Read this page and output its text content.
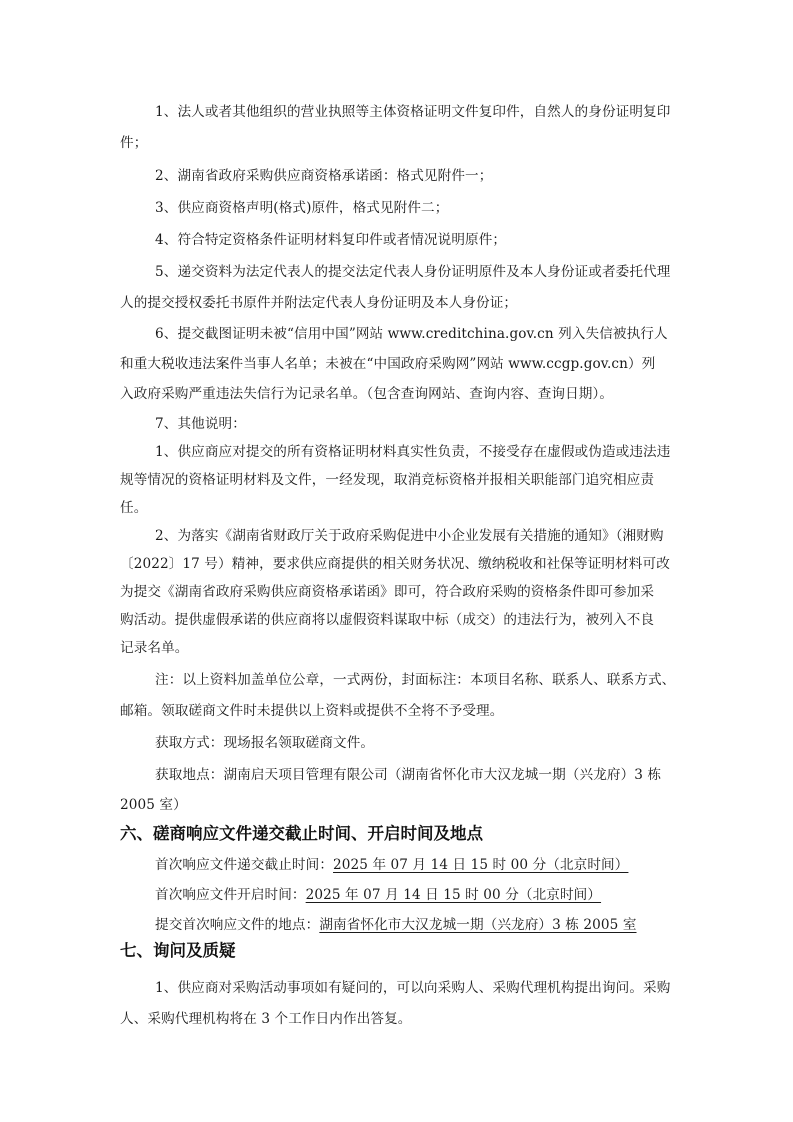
1、法人或者其他组织的营业执照等主体资格证明文件复印件，自然人的身份证明复印
件；
2、湖南省政府采购供应商资格承诺函：格式见附件一；
3、供应商资格声明(格式)原件，格式见附件二；
4、符合特定资格条件证明材料复印件或者情况说明原件；
5、递交资料为法定代表人的提交法定代表人身份证明原件及本人身份证或者委托代理
人的提交授权委托书原件并附法定代表人身份证明及本人身份证；
6、提交截图证明未被“信用中国”网站 www.creditchina.gov.cn 列入失信被执行人
和重大税收违法案件当事人名单；未被在“中国政府采购网”网站 www.ccgp.gov.cn）列
入政府采购严重违法失信行为记录名单。（包含查询网站、查询内容、查询日期）。
7、其他说明：
1、供应商应对提交的所有资格证明材料真实性负责，不接受存在虚假或伪造或违法违
规等情况的资格证明材料及文件，一经发现，取消竞标资格并报相关职能部门追究相应责
任。
2、为落实《湖南省财政厅关于政府采购促进中小企业发展有关措施的通知》（湘财购
〔2022〕17 号）精神，要求供应商提供的相关财务状况、缴纳税收和社保等证明材料可改
为提交《湖南省政府采购供应商资格承诺函》即可，符合政府采购的资格条件即可参加采
购活动。提供虚假承诺的供应商将以虚假资料谋取中标（成交）的违法行为，被列入不良
记录名单。
注：以上资料加盖单位公章，一式两份，封面标注：本项目名称、联系人、联系方式、
邮箱。领取磋商文件时未提供以上资料或提供不全将不予受理。
获取方式：现场报名领取磋商文件。
获取地点：湖南启天项目管理有限公司（湖南省怀化市大汉龙城一期（兴龙府）3 栋
2005 室）
六、磋商响应文件递交截止时间、开启时间及地点
首次响应文件递交截止时间：2025 年 07 月 14 日 15 时 00 分（北京时间）
首次响应文件开启时间：2025 年 07 月 14 日 15 时 00 分（北京时间）
提交首次响应文件的地点：湖南省怀化市大汉龙城一期（兴龙府）3 栋 2005 室
七、询问及质疑
1、供应商对采购活动事项如有疑问的，可以向采购人、采购代理机构提出询问。采购
人、采购代理机构将在 3 个工作日内作出答复。
